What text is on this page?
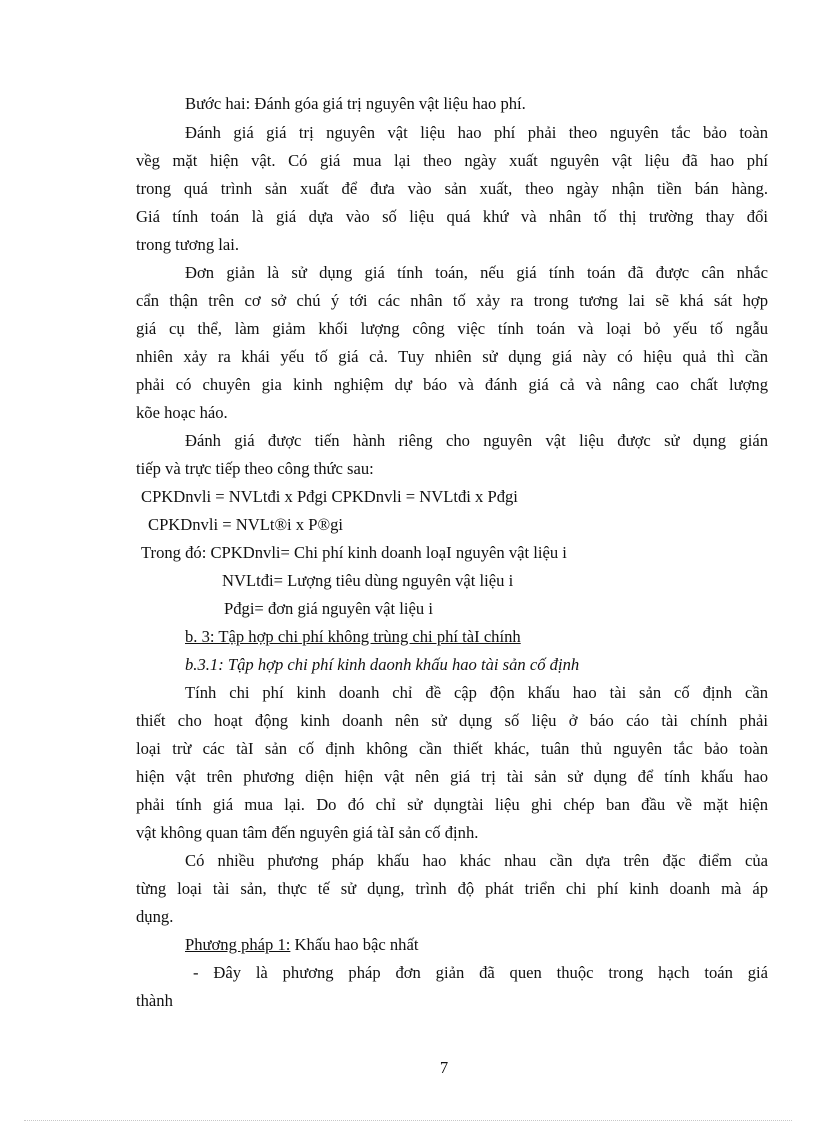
Bước hai: Đánh góa giá trị nguyên vật liệu hao phí.
Đánh giá giá trị nguyên vật liệu hao phí phải theo nguyên tắc bảo toàn
vềg mặt hiện vật. Có giá mua lại theo ngày xuất nguyên vật liệu đã hao phí
trong quá trình sản xuất để đưa vào sản xuất, theo ngày nhận tiền bán hàng.
Giá tính toán là giá dựa vào số liệu quá khứ và nhân tố thị trường thay đổi
trong tương lai.
Đơn giản là sử dụng giá tính toán, nếu giá tính toán đã được cân nhắc
cẩn thận trên cơ sở chú ý tới các nhân tố xảy ra trong tương lai sẽ khá sát hợp
giá cụ thể, làm giảm khối lượng công việc tính toán và loại bỏ yếu tố ngẫu
nhiên xảy ra khái yếu tố giá cả. Tuy nhiên sử dụng giá này có hiệu quả thì cần
phải có chuyên gia kinh nghiệm dự báo và đánh giá cả và nâng cao chất lượng
kõe hoạc háo.
Đánh giá được tiến hành riêng cho nguyên vật liệu được sử dụng gián
tiếp và trực tiếp theo công thức sau:
CPKDnvli = NVLtđi x Pđgi CPKDnvli = NVLtđi x Pđgi
CPKDnvli = NVLt®i x P®gi
Trong đó: CPKDnvli= Chi phí kinh doanh loạI nguyên vật liệu i
NVLtđi= Lượng tiêu dùng nguyên vật liệu i
Pđgi= đơn giá nguyên vật liệu i
b. 3: Tập hợp chi phí không trùng chi phí tàI chính
b.3.1: Tập hợp chi phí kinh daonh khấu hao tài sản cố định
Tính chi phí kinh doanh chỉ đề cập độn khấu hao tài sản cố định cần
thiết cho hoạt động kinh doanh nên sử dụng số liệu ở báo cáo tài chính phải
loại trừ các tàI sản cố định không cần thiết khác, tuân thủ nguyên tắc bảo toàn
hiện vật trên phương diện hiện vật nên giá trị tài sản sử dụng để tính khấu hao
phải tính giá mua lại. Do đó chỉ sử dụngtài liệu ghi chép ban đầu về mặt hiện
vật không quan tâm đến nguyên giá tàI sản cố định.
Có nhiều phương pháp khấu hao khác nhau cần dựa trên đặc điểm của
từng loại tài sản, thực tế sử dụng, trình độ phát triển chi phí kinh doanh mà áp
dụng.
Phương pháp 1: Khấu hao bậc nhất
- Đây là phương pháp đơn giản đã quen thuộc trong hạch toán giá
thành
7
